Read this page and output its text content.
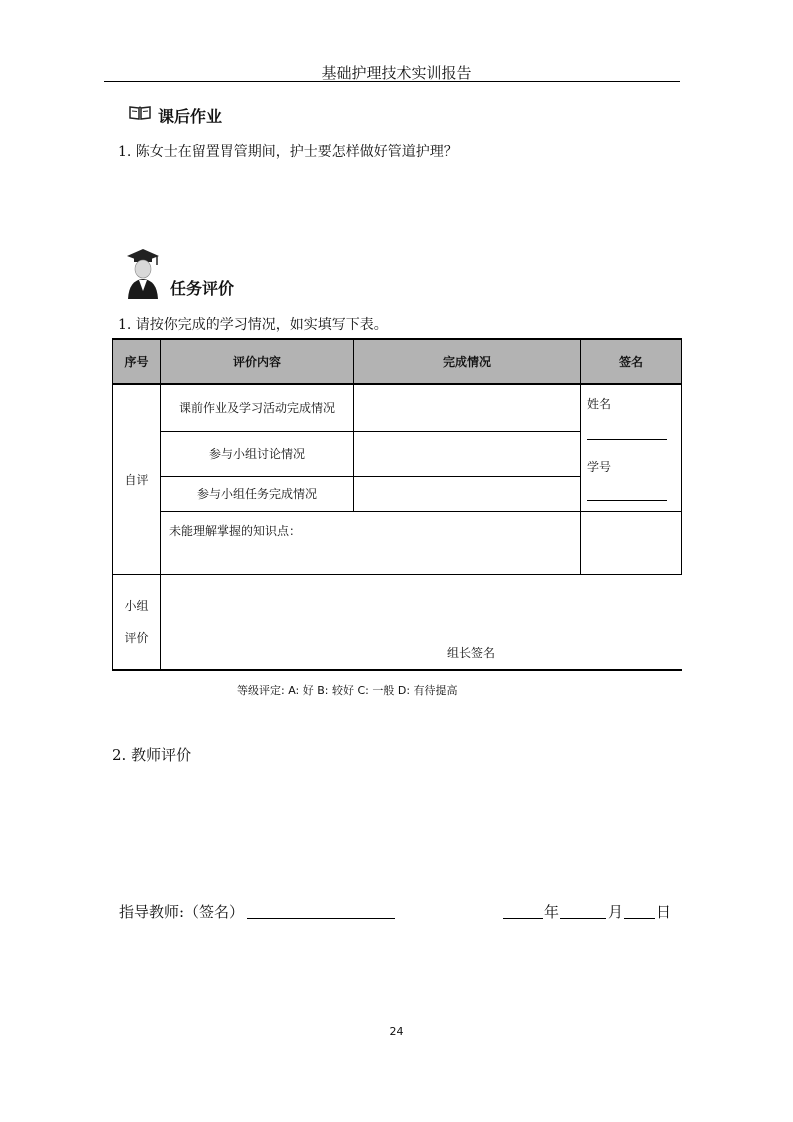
基础护理技术实训报告
课后作业
1. 陈女士在留置胃管期间，护士要怎样做好管道护理？
任务评价
1. 请按你完成的学习情况，如实填写下表。
序号	评价内容	完成情况	签名
自评	课前作业及学习活动完成情况		姓名
学号

	参与小组讨论情况		
	参与小组任务完成情况		
	未能理解掌握的知识点：		
小组
评价	组长签名		
等级评定: A: 好 B: 较好 C: 一般 D: 有待提高
2. 教师评价
指导教师:（签名）	年	月 日
24
